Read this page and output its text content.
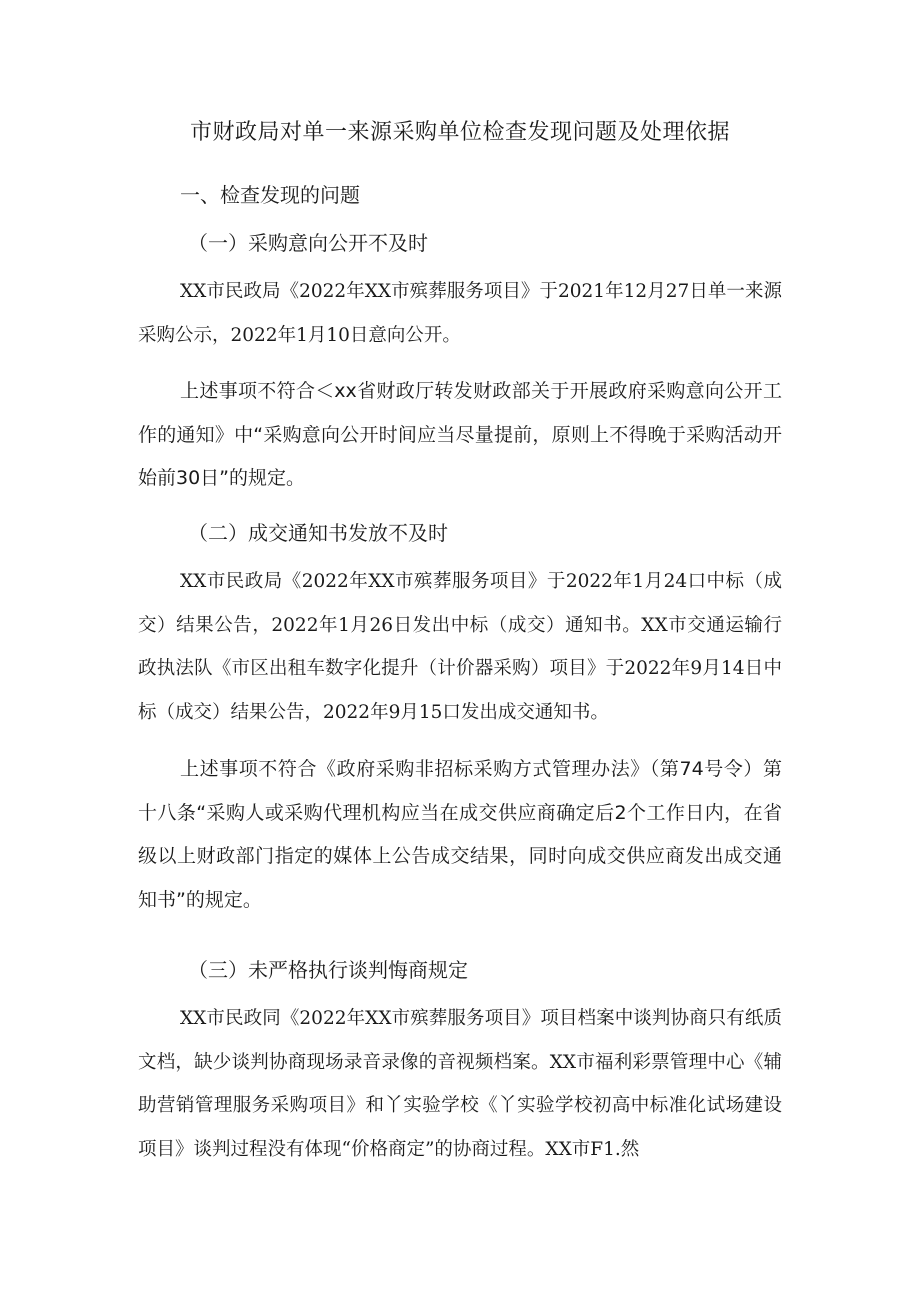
市财政局对单一来源采购单位检查发现问题及处理依据
一、检查发现的问题
（一）采购意向公开不及时
XX市民政局《2022年XX市殡葬服务项目》于2021年12月27日单一来源采购公示，2022年1月10日意向公开。
上述事项不符合＜xx省财政厅转发财政部关于开展政府采购意向公开工作的通知》中“采购意向公开时间应当尽量提前，原则上不得晚于采购活动开始前30日”的规定。
（二）成交通知书发放不及时
XX市民政局《2022年XX市殡葬服务项目》于2022年1月24口中标（成交）结果公告，2022年1月26日发出中标（成交）通知书。XX市交通运输行政执法队《市区出租车数字化提升（计价器采购）项目》于2022年9月14日中标（成交）结果公告，2022年9月15口发出成交通知书。
上述事项不符合《政府采购非招标采购方式管理办法》（第74号令）第十八条“采购人或采购代理机构应当在成交供应商确定后2个工作日内，在省级以上财政部门指定的媒体上公告成交结果，同时向成交供应商发出成交通知书”的规定。
（三）未严格执行谈判悔商规定
XX市民政同《2022年XX市殡葬服务项目》项目档案中谈判协商只有纸质文档，缺少谈判协商现场录音录像的音视频档案。XX市福利彩票管理中心《辅助营销管理服务采购项目》和丫实验学校《丫实验学校初高中标准化试场建设项目》谈判过程没有体现“价格商定”的协商过程。XX市F1.然
